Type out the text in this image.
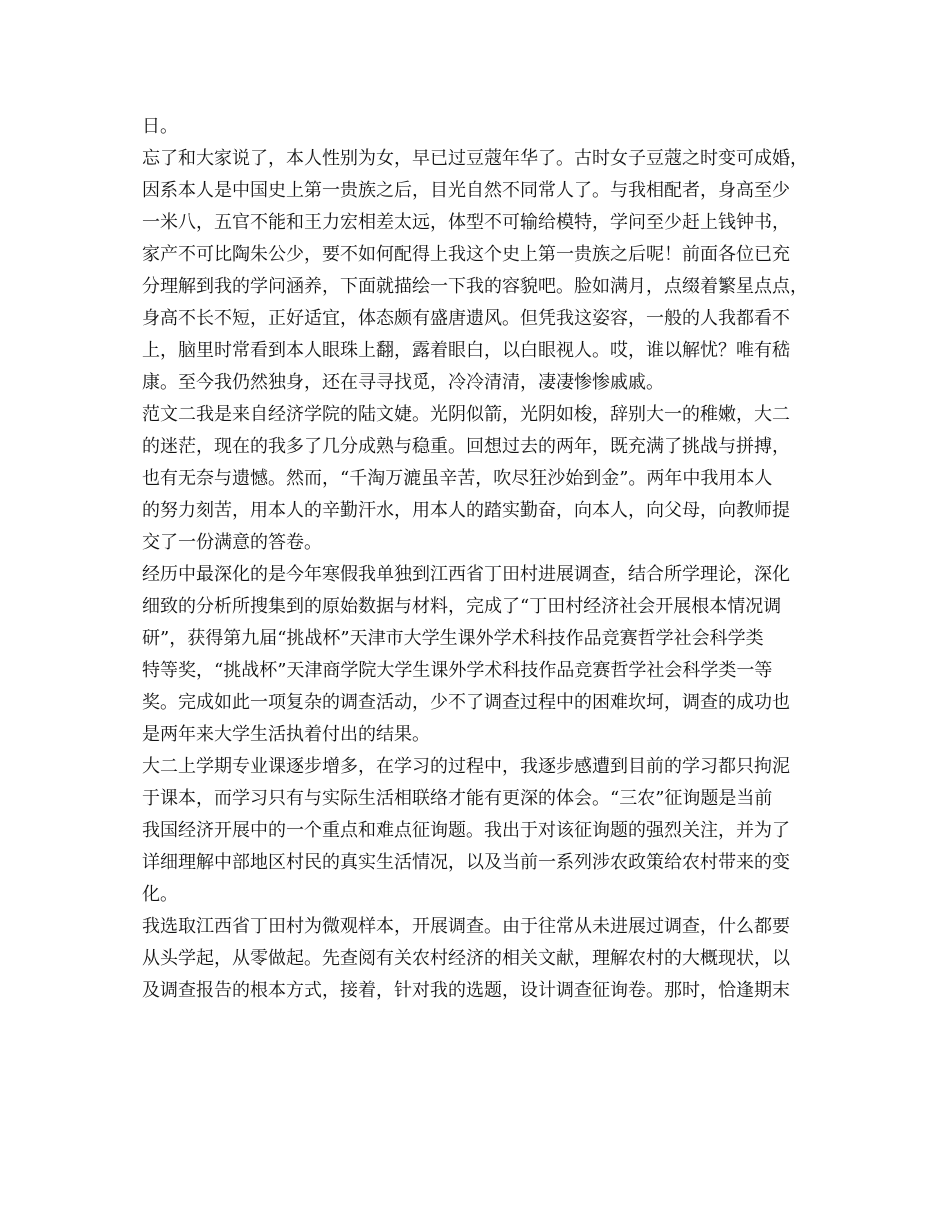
日。
忘了和大家说了，本人性别为女，早已过豆蔻年华了。古时女子豆蔻之时变可成婚，
因系本人是中国史上第一贵族之后，目光自然不同常人了。与我相配者，身高至少
一米八，五官不能和王力宏相差太远，体型不可输给模特，学问至少赶上钱钟书，
家产不可比陶朱公少，要不如何配得上我这个史上第一贵族之后呢！前面各位已充
分理解到我的学问涵养，下面就描绘一下我的容貌吧。脸如满月，点缀着繁星点点，
身高不长不短，正好适宜，体态颇有盛唐遗风。但凭我这姿容，一般的人我都看不
上，脑里时常看到本人眼珠上翻，露着眼白，以白眼视人。哎，谁以解忧？唯有嵇
康。至今我仍然独身，还在寻寻找觅，冷冷清清，凄凄惨惨戚戚。
范文二我是来自经济学院的陆文婕。光阴似箭，光阴如梭，辞别大一的稚嫩，大二
的迷茫，现在的我多了几分成熟与稳重。回想过去的两年，既充满了挑战与拼搏，
也有无奈与遗憾。然而，“千淘万漉虽辛苦，吹尽狂沙始到金”。两年中我用本人
的努力刻苦，用本人的辛勤汗水，用本人的踏实勤奋，向本人，向父母，向教师提
交了一份满意的答卷。
经历中最深化的是今年寒假我单独到江西省丁田村进展调查，结合所学理论，深化
细致的分析所搜集到的原始数据与材料，完成了“丁田村经济社会开展根本情况调
研”，获得第九届“挑战杯”天津市大学生课外学术科技作品竞赛哲学社会科学类
特等奖，“挑战杯”天津商学院大学生课外学术科技作品竞赛哲学社会科学类一等
奖。完成如此一项复杂的调查活动，少不了调查过程中的困难坎坷，调查的成功也
是两年来大学生活执着付出的结果。
大二上学期专业课逐步增多，在学习的过程中，我逐步感遭到目前的学习都只拘泥
于课本，而学习只有与实际生活相联络才能有更深的体会。“三农”征询题是当前
我国经济开展中的一个重点和难点征询题。我出于对该征询题的强烈关注，并为了
详细理解中部地区村民的真实生活情况，以及当前一系列涉农政策给农村带来的变
化。
我选取江西省丁田村为微观样本，开展调查。由于往常从未进展过调查，什么都要
从头学起，从零做起。先查阅有关农村经济的相关文献，理解农村的大概现状，以
及调查报告的根本方式，接着，针对我的选题，设计调查征询卷。那时，恰逢期末
